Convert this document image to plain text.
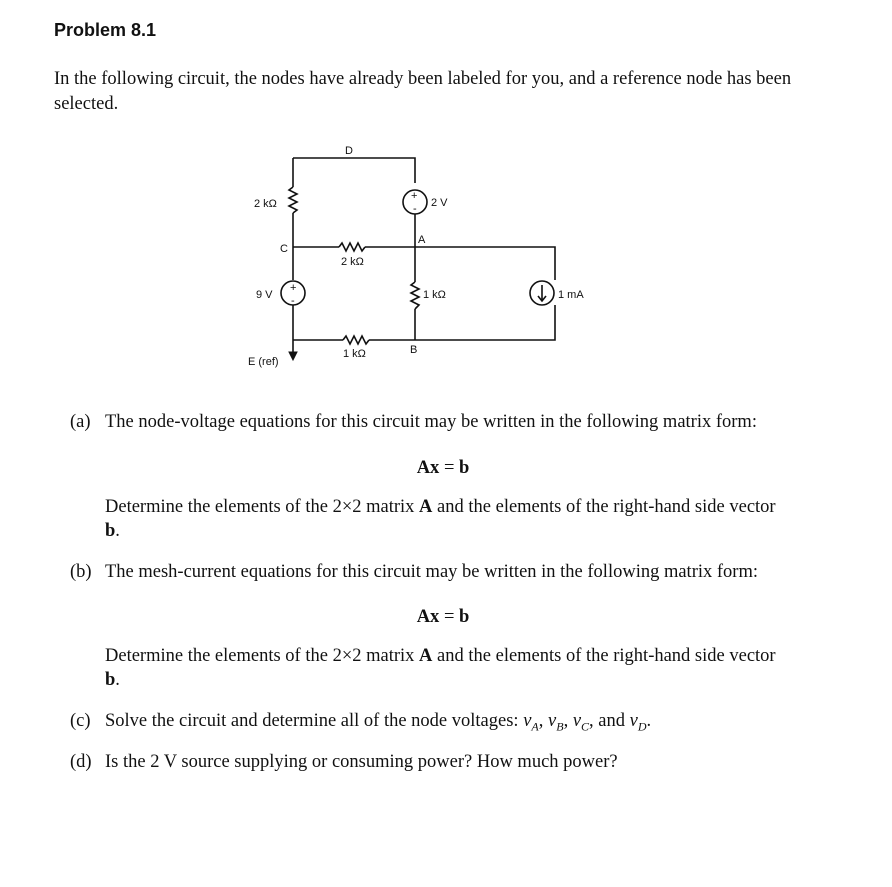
Problem 8.1
In the following circuit, the nodes have already been labeled for you, and a reference node has been selected.
D
C
A
B
E (ref)
2 kΩ
2 kΩ
1 kΩ
1 kΩ
9 V
2 V
1 mA
+
-
+
-
(a) The node-voltage equations for this circuit may be written in the following matrix form:
Ax = b
Determine the elements of the 2×2 matrix A and the elements of the right-hand side vector b.
(b) The mesh-current equations for this circuit may be written in the following matrix form:
Ax = b
Determine the elements of the 2×2 matrix A and the elements of the right-hand side vector b.
(c) Solve the circuit and determine all of the node voltages: $v_A$, $v_B$, $v_C$, and $v_D$.
(d) Is the 2 V source supplying or consuming power? How much power?
